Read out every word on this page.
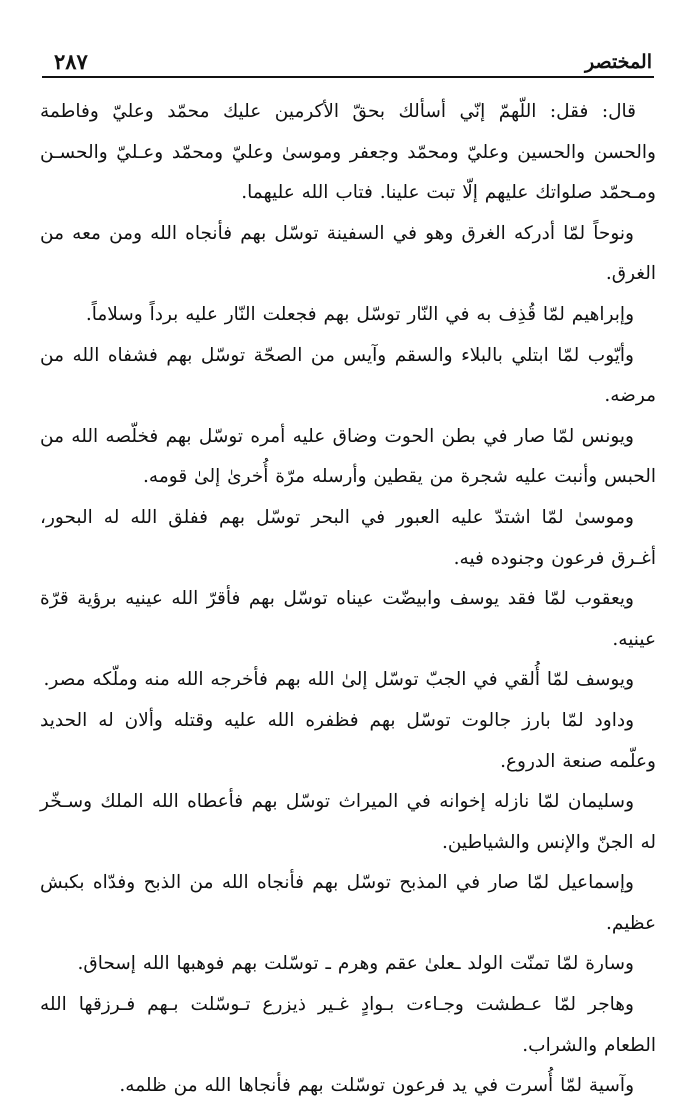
٢٨٧	المختصر

قال: فقل: اللّهمّ إنّي أسألك بحقّ الأكرمين عليك محمّد وعليّ وفاطمة والحسن والحسين وعليّ ومحمّد وجعفر وموسىٰ وعليّ ومحمّد وعـليّ والحسـن ومـحمّد صلواتك عليهم إلّا تبت علينا. فتاب الله عليهما.

ونوحاً لمّا أدركه الغرق وهو في السفينة توسّل بهم فأنجاه الله ومن معه من الغرق.

وإبراهيم لمّا قُذِف به في النّار توسّل بهم فجعلت النّار عليه برداً وسلاماً.

وأيّوب لمّا ابتلي بالبلاء والسقم وآيس من الصحّة توسّل بهم فشفاه الله من مرضه.

ويونس لمّا صار في بطن الحوت وضاق عليه أمره توسّل بهم فخلّصه الله من الحبس وأنبت عليه شجرة من يقطين وأرسله مرّة أُخرىٰ إلىٰ قومه.

وموسىٰ لمّا اشتدّ عليه العبور في البحر توسّل بهم ففلق الله له البحور، أغـرق فرعون وجنوده فيه.

ويعقوب لمّا فقد يوسف وابيضّت عيناه توسّل بهم فأقرّ الله عينيه برؤية قرّة عينيه.

ويوسف لمّا أُلقي في الجبّ توسّل إلىٰ الله بهم فأخرجه الله منه وملّكه مصر.

وداود لمّا بارز جالوت توسّل بهم فظفره الله عليه وقتله وألان له الحديد وعلّمه صنعة الدروع.

وسليمان لمّا نازله إخوانه في الميراث توسّل بهم فأعطاه الله الملك وسـخّر له الجنّ والإنس والشياطين.

وإسماعيل لمّا صار في المذبح توسّل بهم فأنجاه الله من الذبح وفدّاه بكبش عظيم.

وسارة لمّا تمنّت الولد ـعلىٰ عقم وهرم ـ توسّلت بهم فوهبها الله إسحاق.

وهاجر لمّا عـطشت وجـاءت بـوادٍ غـير ذيزرع تـوسّلت بـهم فـرزقها الله الطعام والشراب.

وآسية لمّا أُسرت في يد فرعون توسّلت بهم فأنجاها الله من ظلمه.
